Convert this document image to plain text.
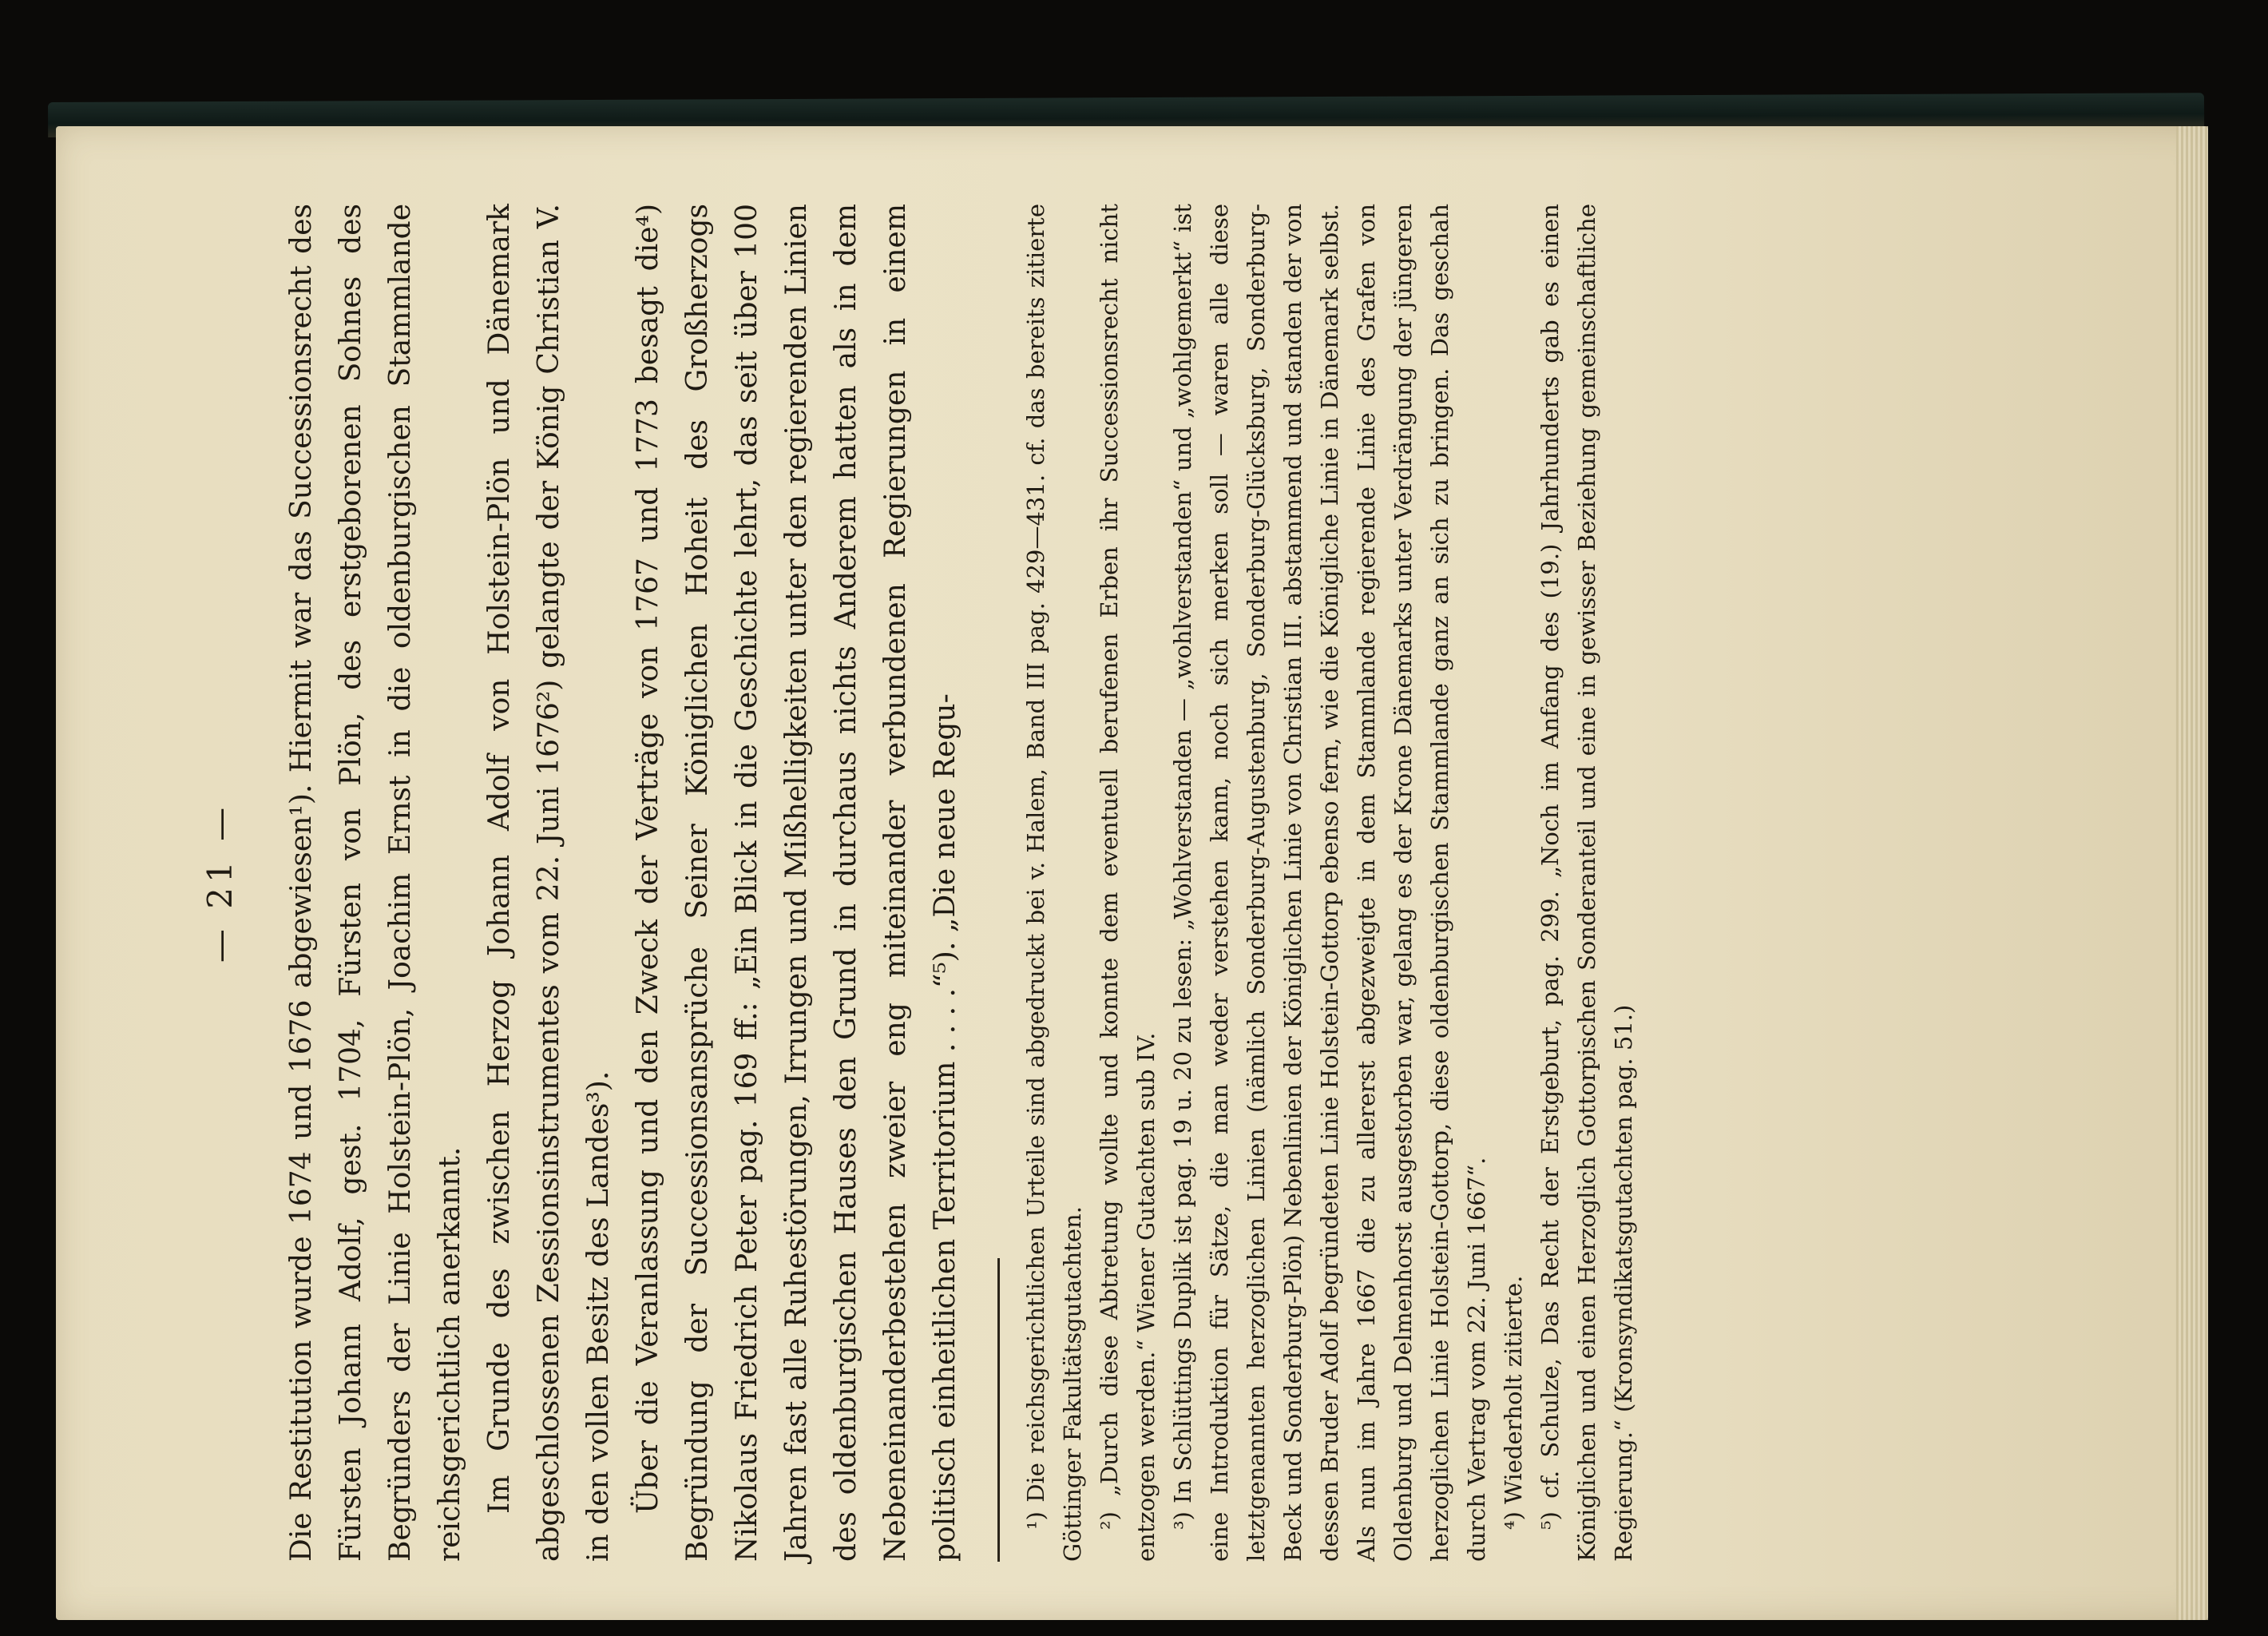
— 21 — Die Restitution wurde 1674 und 1676 abgewiesen¹). Hiermit war das Successionsrecht des Fürsten Johann Adolf, gest. 1704, Fürsten von Plön, des erstgeborenen Sohnes des Begründers der Linie Holstein-Plön, Joachim Ernst in die oldenburgischen Stammlande reichsgerichtlich anerkannt. Im Grunde des zwischen Herzog Johann Adolf von Holstein-Plön und Dänemark abgeschlossenen Zessionsinstrumentes vom 22. Juni 1676²) gelangte der König Christian V. in den vollen Besitz des Landes³). Über die Veranlassung und den Zweck der Verträge von 1767 und 1773 besagt die⁴) Begründung der Successionsansprüche Seiner Königlichen Hoheit des Großherzogs Nikolaus Friedrich Peter pag. 169 ff.: „Ein Blick in die Geschichte lehrt, das seit über 100 Jahren fast alle Ruhestörungen, Irrungen und Mißhelligkeiten unter den regierenden Linien des oldenburgischen Hauses den Grund in durchaus nichts Anderem hatten als in dem Nebeneinanderbestehen zweier eng miteinander verbundenen Regierungen in einem politisch einheitlichen Territorium . . . .“⁵). „Die neue Regu-	¹) Die reichsgerichtlichen Urteile sind abgedruckt bei v. Halem, Band III pag. 429—431. cf. das bereits zitierte Göttinger Fakultätsgutachten. ²) „Durch diese Abtretung wollte und konnte dem eventuell berufenen Erben ihr Successionsrecht nicht entzogen werden.“ Wiener Gutachten sub IV. ³) In Schlüttings Duplik ist pag. 19 u. 20 zu lesen: „Wohlverstanden — „wohlverstanden“ und „wohlgemerkt“ ist eine Introduktion für Sätze, die man weder verstehen kann, noch sich merken soll — waren alle diese letztgenannten herzoglichen Linien (nämlich Sonderburg-Augustenburg, Sonderburg-Glücksburg, Sonderburg-Beck und Sonderburg-Plön) Nebenlinien der Königlichen Linie von Christian III. abstammend und standen der von dessen Bruder Adolf begründeten Linie Holstein-Gottorp ebenso fern, wie die Königliche Linie in Dänemark selbst. Als nun im Jahre 1667 die zu allererst abgezweigte in dem Stammlande regierende Linie des Grafen von Oldenburg und Delmenhorst ausgestorben war, gelang es der Krone Dänemarks unter Verdrängung der jüngeren herzoglichen Linie Holstein-Gottorp, diese oldenburgischen Stammlande ganz an sich zu bringen. Das geschah durch Vertrag vom 22. Juni 1667“. ⁴) Wiederholt zitierte. ⁵) cf. Schulze, Das Recht der Erstgeburt, pag. 299. „Noch im Anfang des (19.) Jahrhunderts gab es einen Königlichen und einen Herzoglich Gottorpischen Sonderanteil und eine in gewisser Beziehung gemeinschaftliche Regierung.“ (Kronsyndikatsgutachten pag. 51.)
